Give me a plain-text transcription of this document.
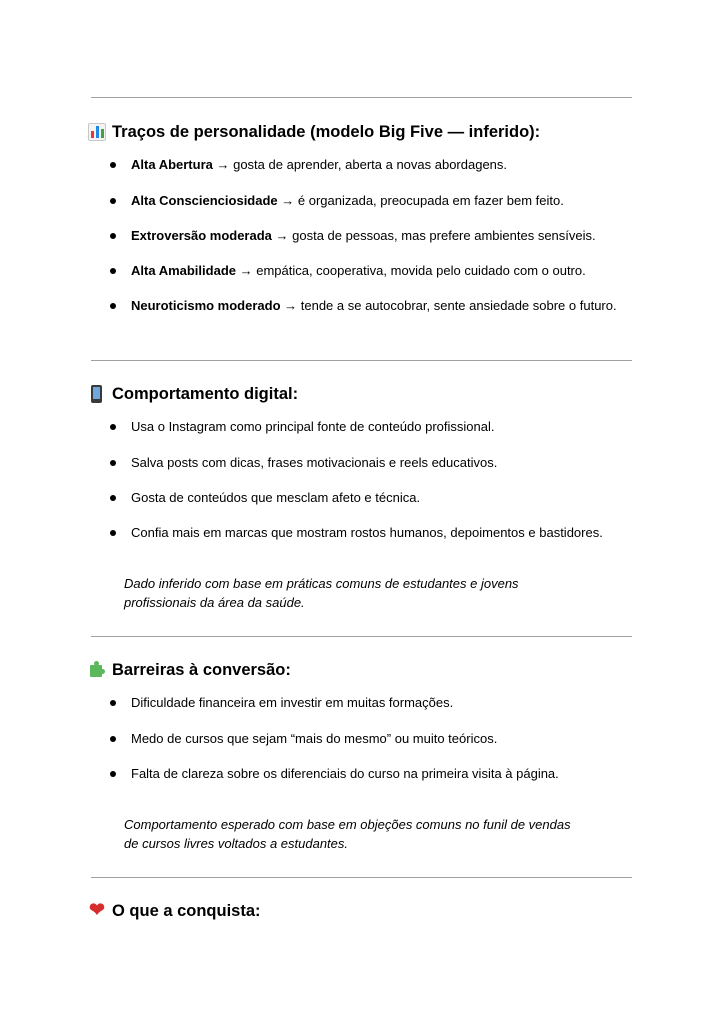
Traços de personalidade (modelo Big Five — inferido):
Alta Abertura → gosta de aprender, aberta a novas abordagens.
Alta Conscienciosidade → é organizada, preocupada em fazer bem feito.
Extroversão moderada → gosta de pessoas, mas prefere ambientes sensíveis.
Alta Amabilidade → empática, cooperativa, movida pelo cuidado com o outro.
Neuroticismo moderado → tende a se autocobrar, sente ansiedade sobre o futuro.
Comportamento digital:
Usa o Instagram como principal fonte de conteúdo profissional.
Salva posts com dicas, frases motivacionais e reels educativos.
Gosta de conteúdos que mesclam afeto e técnica.
Confia mais em marcas que mostram rostos humanos, depoimentos e bastidores.
Dado inferido com base em práticas comuns de estudantes e jovens
profissionais da área da saúde.
Barreiras à conversão:
Dificuldade financeira em investir em muitas formações.
Medo de cursos que sejam “mais do mesmo” ou muito teóricos.
Falta de clareza sobre os diferenciais do curso na primeira visita à página.
Comportamento esperado com base em objeções comuns no funil de vendas
de cursos livres voltados a estudantes.
❤ O que a conquista:
